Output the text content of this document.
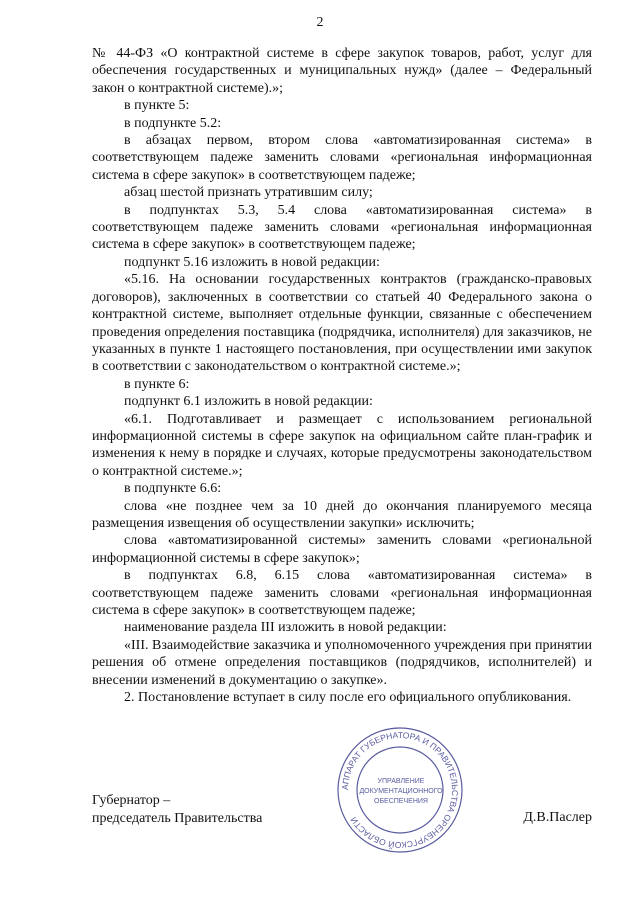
2

№ 44-ФЗ «О контрактной системе в сфере закупок товаров, работ, услуг для обеспечения государственных и муниципальных нужд» (далее – Федеральный закон о контрактной системе).»;

в пункте 5:

в подпункте 5.2:

в абзацах первом, втором слова «автоматизированная система» в соответствующем падеже заменить словами «региональная информационная система в сфере закупок» в соответствующем падеже;

абзац шестой признать утратившим силу;

в подпунктах 5.3, 5.4 слова «автоматизированная система» в соответствующем падеже заменить словами «региональная информационная система в сфере закупок» в соответствующем падеже;

подпункт 5.16 изложить в новой редакции:

«5.16. На основании государственных контрактов (гражданско-правовых договоров), заключенных в соответствии со статьей 40 Федерального закона о контрактной системе, выполняет отдельные функции, связанные с обеспечением проведения определения поставщика (подрядчика, исполнителя) для заказчиков, не указанных в пункте 1 настоящего постановления, при осуществлении ими закупок в соответствии с законодательством о контрактной системе.»;

в пункте 6:

подпункт 6.1 изложить в новой редакции:

«6.1. Подготавливает и размещает с использованием региональной информационной системы в сфере закупок на официальном сайте план-график и изменения к нему в порядке и случаях, которые предусмотрены законодательством о контрактной системе.»;

в подпункте 6.6:

слова «не позднее чем за 10 дней до окончания планируемого месяца размещения извещения об осуществлении закупки» исключить;

слова «автоматизированной системы» заменить словами «региональной информационной системы в сфере закупок»;

в подпунктах 6.8, 6.15 слова «автоматизированная система» в соответствующем падеже заменить словами «региональная информационная система в сфере закупок» в соответствующем падеже;

наименование раздела III изложить в новой редакции:

«III. Взаимодействие заказчика и уполномоченного учреждения при принятии решения об отмене определения поставщиков (подрядчиков, исполнителей) и внесении изменений в документацию о закупке».

2. Постановление вступает в силу после его официального опубликования.

АППАРАТ ГУБЕРНАТОРА И ПРАВИТЕЛЬСТВА ОРЕНБУРГСКОЙ ОБЛАСТИ
УПРАВЛЕНИЕ
ДОКУМЕНТАЦИОННОГО
ОБЕСПЕЧЕНИЯ
Губернатор –
председатель Правительства	Д.В.Паслер
